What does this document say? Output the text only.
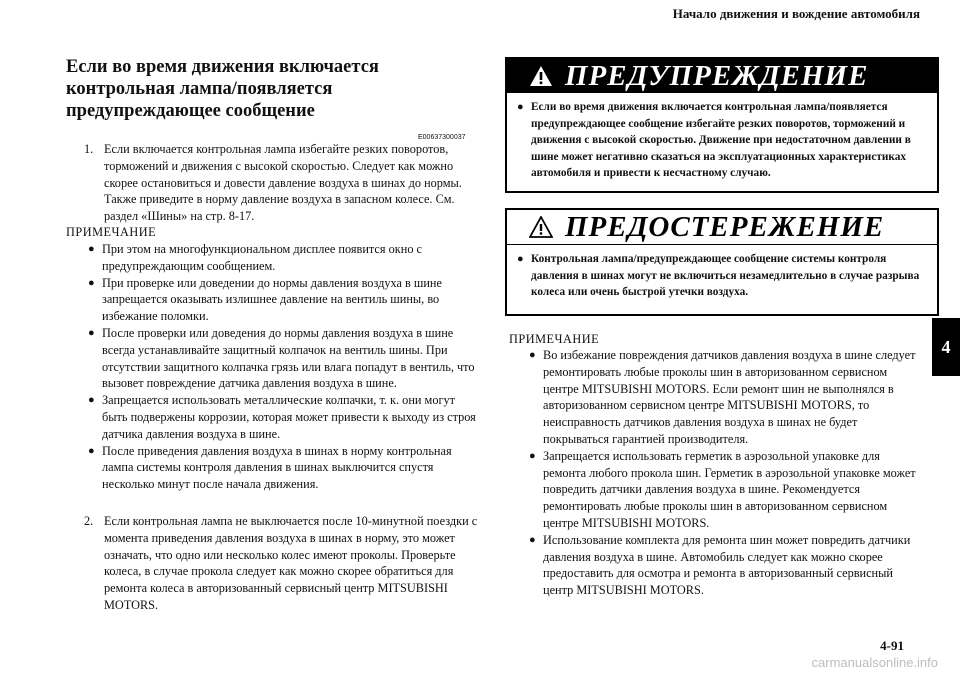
Начало движения и вождение автомобиля
4
Если во время движения включается контрольная лампа/появляется предупреждающее сообщение
E00637300037
1. Если включается контрольная лампа избегайте резких поворотов, торможений и движения с высокой скоростью. Следует как можно скорее остановиться и довести давление воздуха в шинах до нормы. Также приведите в норму давление воздуха в запасном колесе. См. раздел «Шины» на стр. 8-17.
ПРИМЕЧАНИЕ
● При этом на многофункциональном дисплее появится окно с предупреждающим сообщением.
● При проверке или доведении до нормы давления воздуха в шине запрещается оказывать излишнее давление на вентиль шины, во избежание поломки.
● После проверки или доведения до нормы давления воздуха в шине всегда устанавливайте защитный колпачок на вентиль шины. При отсутствии защитного колпачка грязь или влага попадут в вентиль, что вызовет повреждение датчика давления воздуха в шине.
● Запрещается использовать металлические колпачки, т. к. они могут быть подвержены коррозии, которая может привести к выходу из строя датчика давления воздуха в шине.
● После приведения давления воздуха в шинах в норму контрольная лампа системы контроля давления в шинах выключится спустя несколько минут после начала движения.
2. Если контрольная лампа не выключается после 10-минутной поездки с момента приведения давления воздуха в шинах в норму, это может означать, что одно или несколько колес имеют проколы. Проверьте колеса, в случае прокола следует как можно скорее обратиться для ремонта колеса в авторизованный сервисный центр MITSUBISHI MOTORS.
ПРЕДУПРЕЖДЕНИЕ
● Если во время движения включается контрольная лампа/появляется предупреждающее сообщение избегайте резких поворотов, торможений и движения с высокой скоростью. Движение при недостаточном давлении в шине может негативно сказаться на эксплуатационных характеристиках автомобиля и привести к несчастному случаю.
ПРЕДОСТЕРЕЖЕНИЕ
● Контрольная лампа/предупреждающее сообщение системы контроля давления в шинах могут не включиться незамедлительно в случае разрыва колеса или очень быстрой утечки воздуха.
ПРИМЕЧАНИЕ
● Во избежание повреждения датчиков давления воздуха в шине следует ремонтировать любые проколы шин в авторизованном сервисном центре MITSUBISHI MOTORS. Если ремонт шин не выполнялся в авторизованном сервисном центре MITSUBISHI MOTORS, то неисправность датчиков давления воздуха в шинах не будет покрываться гарантией производителя.
● Запрещается использовать герметик в аэрозольной упаковке для ремонта любого прокола шин. Герметик в аэрозольной упаковке может повредить датчики давления воздуха в шине. Рекомендуется ремонтировать любые проколы шин в авторизованном сервисном центре MITSUBISHI MOTORS.
● Использование комплекта для ремонта шин может повредить датчики давления воздуха в шине. Автомобиль следует как можно скорее предоставить для осмотра и ремонта в авторизованный сервисный центр MITSUBISHI MOTORS.
4-91
carmanualsonline.info
